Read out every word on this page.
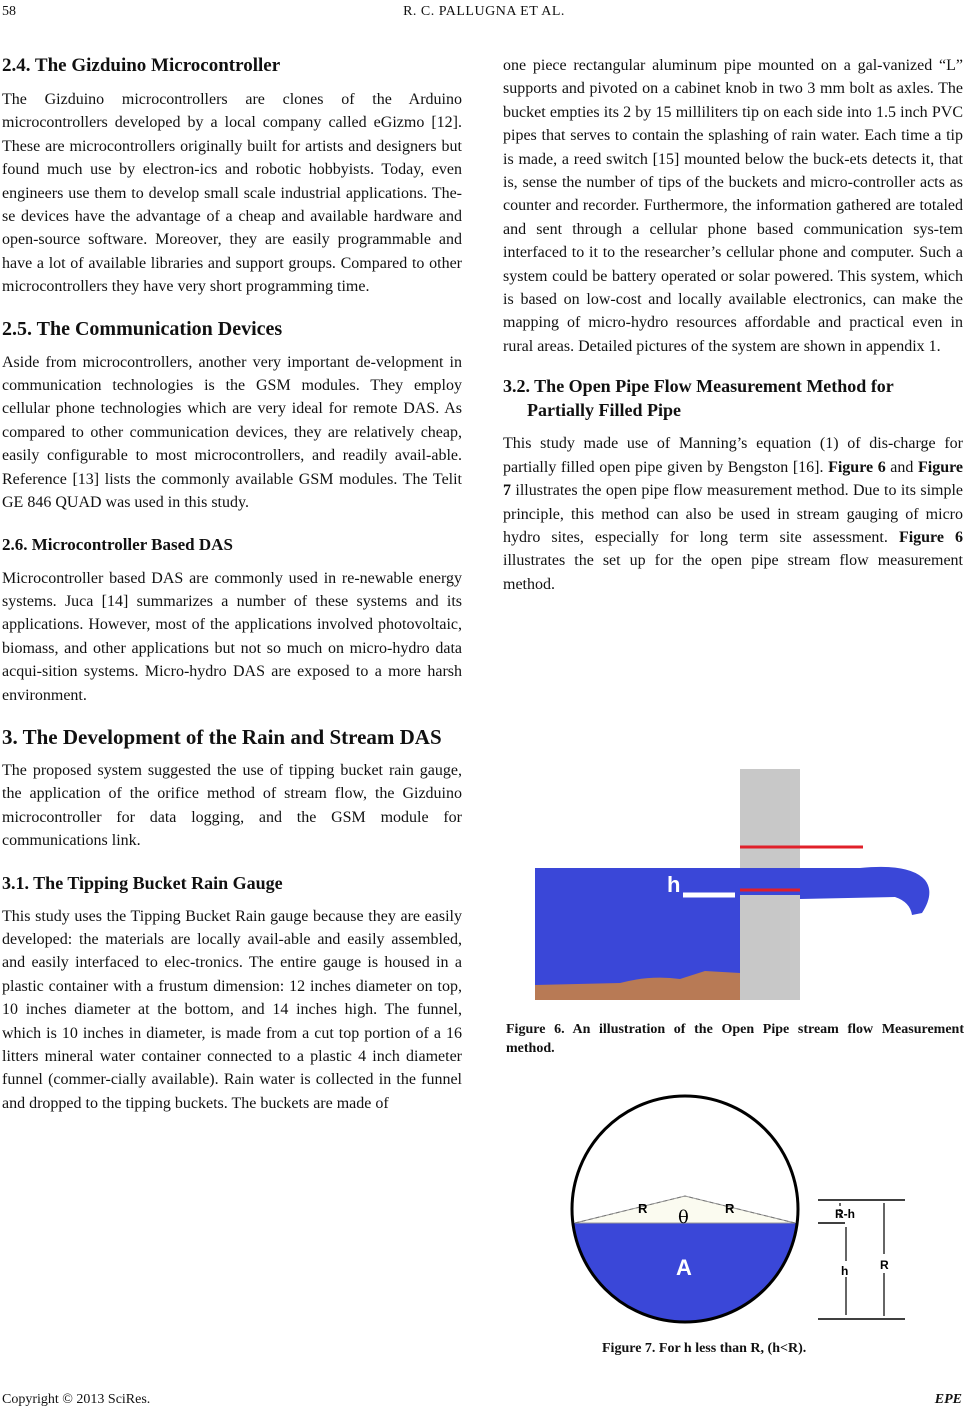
58	R. C. PALLUGNA ET AL.
2.4. The Gizduino Microcontroller

The Gizduino microcontrollers are clones of the Arduino microcontrollers developed by a local company called eGizmo [12]. These are microcontrollers originally built for artists and designers but found much use by electron-ics and robotic hobbyists. Today, even engineers use them to develop small scale industrial applications. The-se devices have the advantage of a cheap and available hardware and open-source software. Moreover, they are easily programmable and have a lot of available libraries and support groups. Compared to other microcontrollers they have very short programming time.

2.5. The Communication Devices

Aside from microcontrollers, another very important de-velopment in communication technologies is the GSM modules. They employ cellular phone technologies which are very ideal for remote DAS. As compared to other communication devices, they are relatively cheap, easily configurable to most microcontrollers, and readily avail-able. Reference [13] lists the commonly available GSM modules. The Telit GE 846 QUAD was used in this study.

2.6. Microcontroller Based DAS

Microcontroller based DAS are commonly used in re-newable energy systems. Juca [14] summarizes a number of these systems and its applications. However, most of the applications involved photovoltaic, biomass, and other applications but not so much on micro-hydro data acqui-sition systems. Micro-hydro DAS are exposed to a more harsh environment.

3. The Development of the Rain and Stream DAS

The proposed system suggested the use of tipping bucket rain gauge, the application of the orifice method of stream flow, the Gizduino microcontroller for data logging, and the GSM module for communications link.

3.1. The Tipping Bucket Rain Gauge

This study uses the Tipping Bucket Rain gauge because they are easily developed: the materials are locally avail-able and easily assembled, and easily interfaced to elec-tronics. The entire gauge is housed in a plastic container with a frustum dimension: 12 inches diameter on top, 10 inches diameter at the bottom, and 14 inches high. The funnel, which is 10 inches in diameter, is made from a cut top portion of a 16 litters mineral water container connected to a plastic 4 inch diameter funnel (commer-cially available). Rain water is collected in the funnel and dropped to the tipping buckets. The buckets are made of

one piece rectangular aluminum pipe mounted on a gal-vanized “L” supports and pivoted on a cabinet knob in two 3 mm bolt as axles. The bucket empties its 2 by 15 milliliters tip on each side into 1.5 inch PVC pipes that serves to contain the splashing of rain water. Each time a tip is made, a reed switch [15] mounted below the buck-ets detects it, that is, sense the number of tips of the buckets and micro-controller acts as counter and recorder. Furthermore, the information gathered are totaled and sent through a cellular phone based communication sys-tem interfaced to it to the researcher’s cellular phone and computer. Such a system could be battery operated or solar powered. This system, which is based on low-cost and locally available electronics, can make the mapping of micro-hydro resources affordable and practical even in rural areas. Detailed pictures of the system are shown in appendix 1.

3.2. The Open Pipe Flow Measurement Method for Partially Filled Pipe

This study made use of Manning’s equation (1) of dis-charge for partially filled open pipe given by Bengston [16]. Figure 6 and Figure 7 illustrates the open pipe flow measurement method. Due to its simple principle, this method can also be used in stream gauging of micro hydro sites, especially for long term site assessment. Figure 6 illustrates the set up for the open pipe stream flow measurement method.

h
Figure 6. An illustration of the Open Pipe stream flow Measurement method.
R	R
θ
A
R-h
h	R
Figure 7. For h less than R, (h<R).
Copyright © 2013 SciRes.	EPE
